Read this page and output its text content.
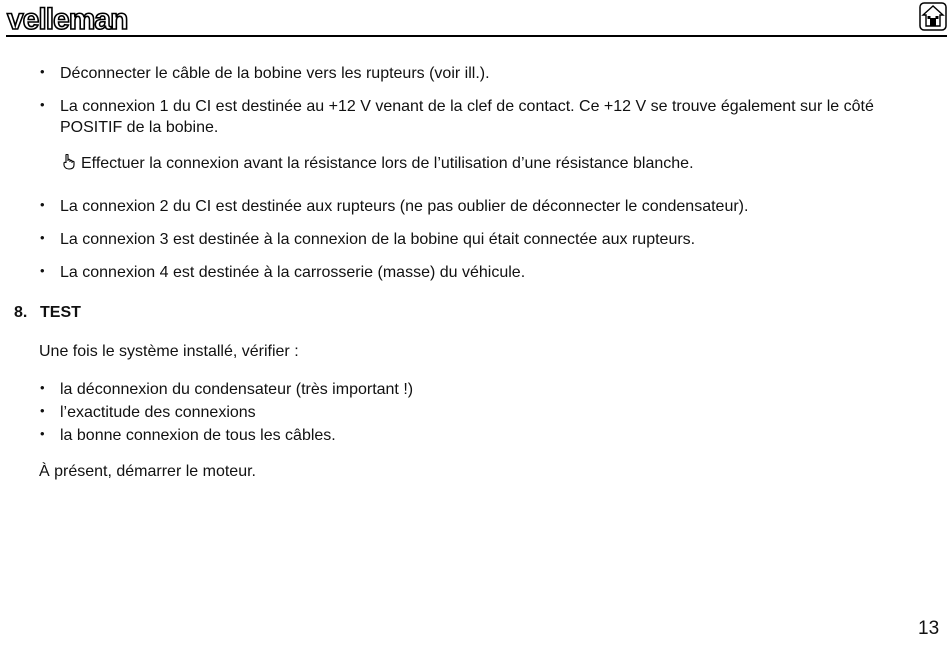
velleman
• Déconnecter le câble de la bobine vers les rupteurs (voir ill.).
• La connexion 1 du CI est destinée au +12 V venant de la clef de contact. Ce +12 V se trouve également sur le côté POSITIF de la bobine.
Effectuer la connexion avant la résistance lors de l’utilisation d’une résistance blanche.
• La connexion 2 du CI est destinée aux rupteurs (ne pas oublier de déconnecter le condensateur).
• La connexion 3 est destinée à la connexion de la bobine qui était connectée aux rupteurs.
• La connexion 4 est destinée à la carrosserie (masse) du véhicule.
8. TEST
Une fois le système installé, vérifier :
• la déconnexion du condensateur (très important !)
• l’exactitude des connexions
• la bonne connexion de tous les câbles.
À présent, démarrer le moteur.
13
